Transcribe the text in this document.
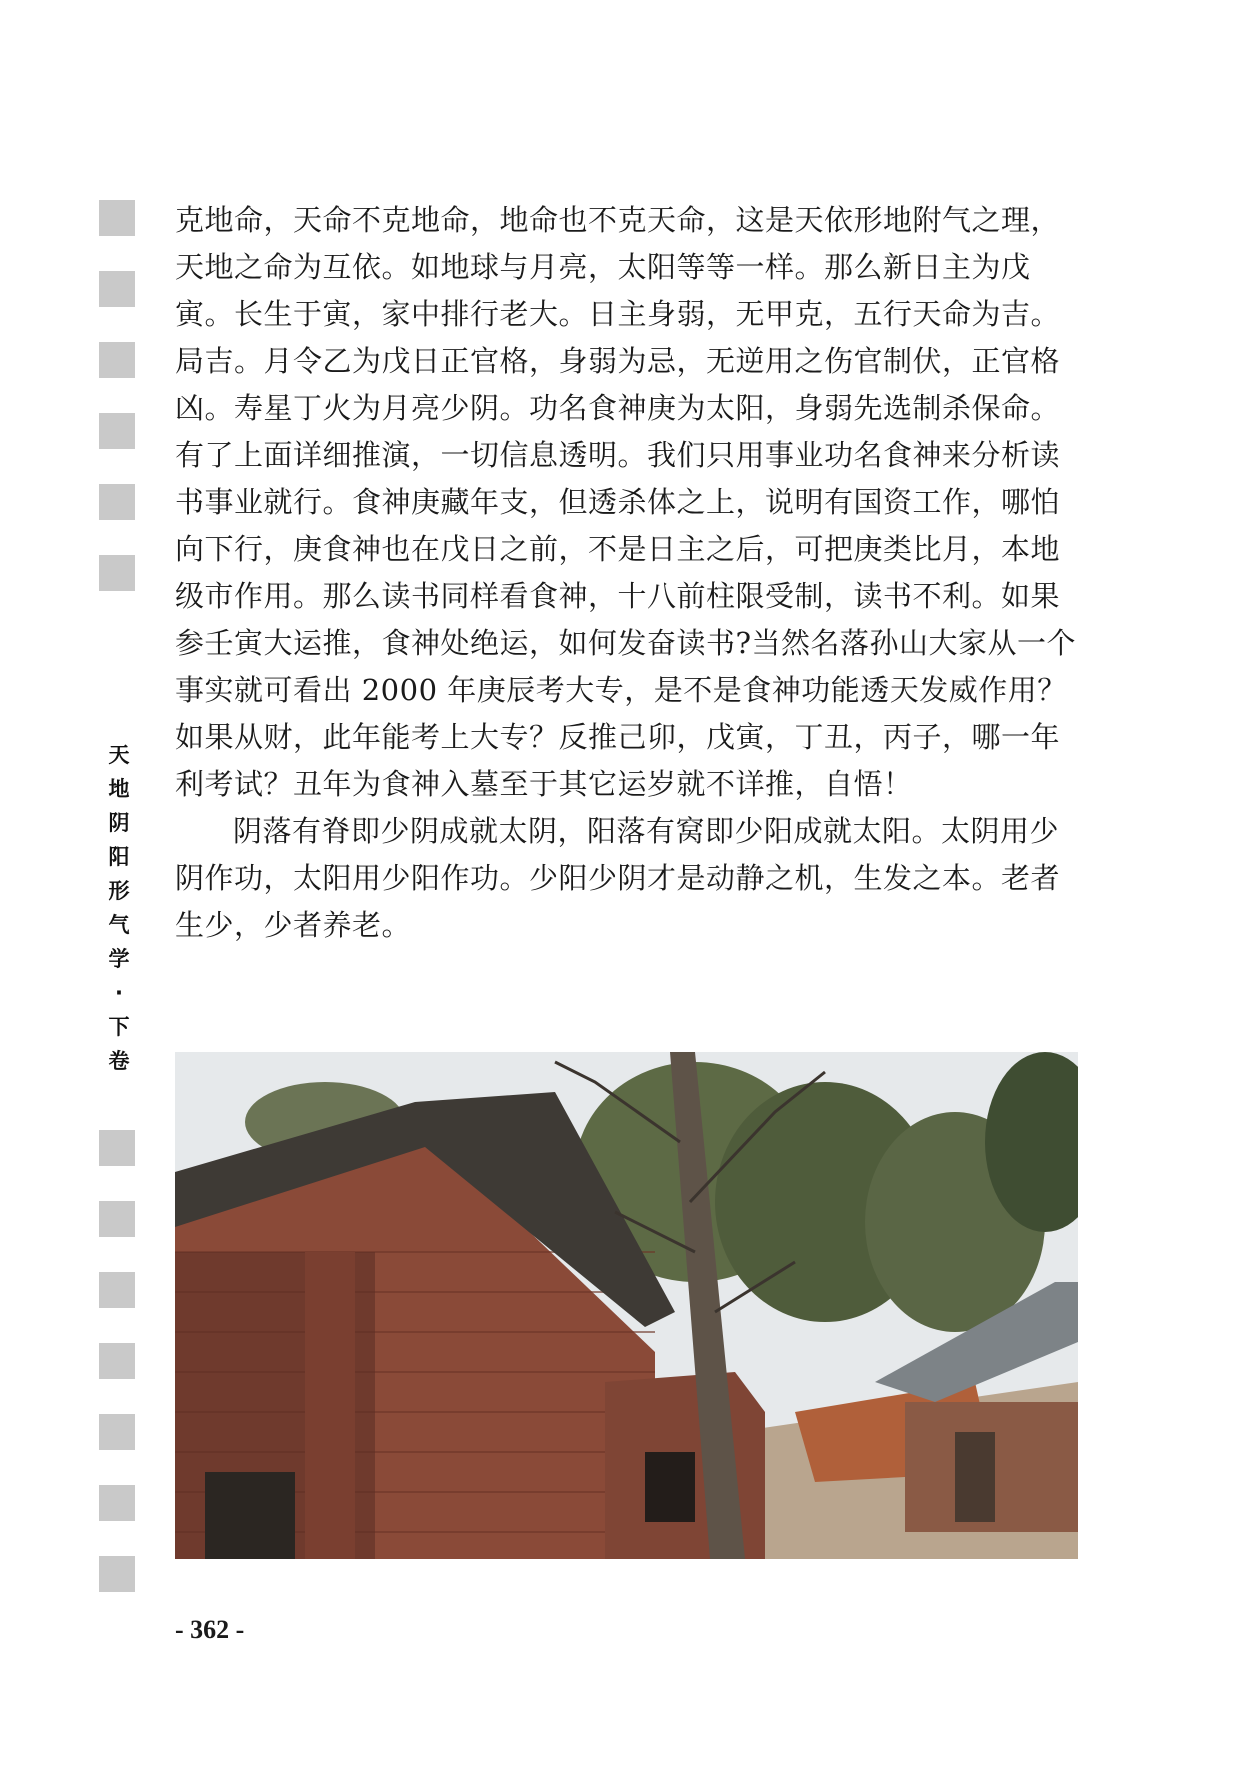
天
地
阴
阳
形
气
学
·
下
卷

克地命，天命不克地命，地命也不克天命，这是天依形地附气之理，天地之命为互依。如地球与月亮，太阳等等一样。那么新日主为戊寅。长生于寅，家中排行老大。日主身弱，无甲克，五行天命为吉。局吉。月令乙为戊日正官格，身弱为忌，无逆用之伤官制伏，正官格凶。寿星丁火为月亮少阴。功名食神庚为太阳，身弱先选制杀保命。有了上面详细推演，一切信息透明。我们只用事业功名食神来分析读书事业就行。食神庚藏年支，但透杀体之上，说明有国资工作，哪怕向下行，庚食神也在戊日之前，不是日主之后，可把庚类比月，本地级市作用。那么读书同样看食神，十八前柱限受制，读书不利。如果参壬寅大运推，食神处绝运，如何发奋读书?当然名落孙山大家从一个事实就可看出 2000 年庚辰考大专，是不是食神功能透天发威作用？如果从财，此年能考上大专？反推己卯，戊寅，丁丑，丙子，哪一年利考试？丑年为食神入墓至于其它运岁就不详推，自悟！

阴落有脊即少阴成就太阴，阳落有窝即少阳成就太阳。太阴用少阴作功，太阳用少阳作功。少阳少阴才是动静之机，生发之本。老者生少，少者养老。

- 362 -
